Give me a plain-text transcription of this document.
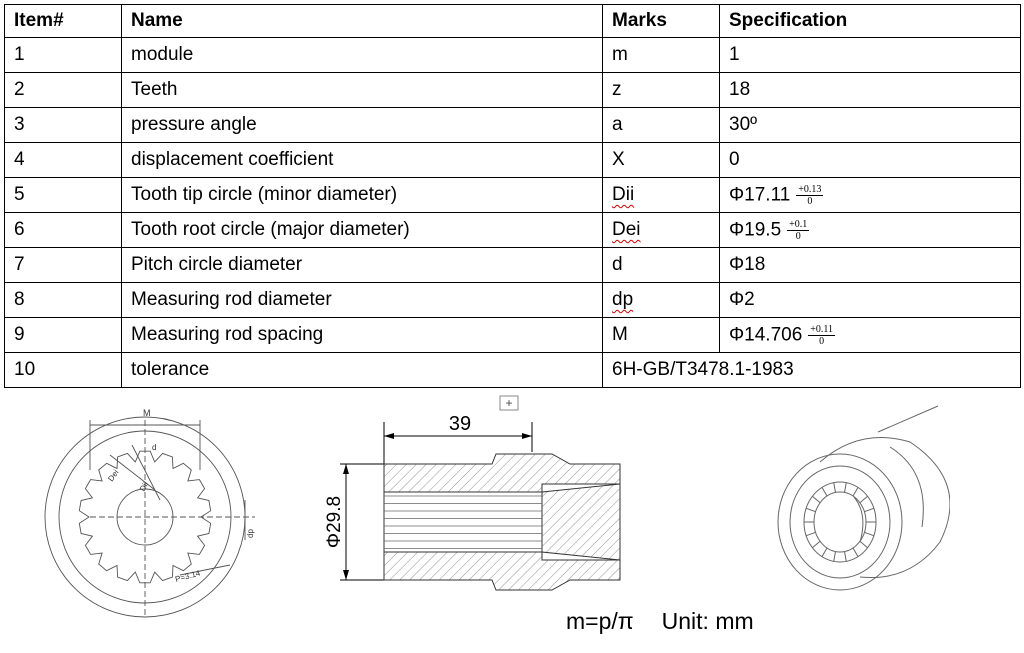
Item#	Name	Marks	Specification
1	module	m	1
2	Teeth	z	18
3	pressure angle	a	30º
4	displacement coefficient	X	0
5	Tooth tip circle (minor diameter)	Dii	$\Phi 17.11 \frac{+0.13}{0}$

6	Tooth root circle (major diameter)	Dei	$\Phi 19.5 \frac{+0.1}{0}$

7	Pitch circle diameter	d	Φ18
8	Measuring rod diameter	dp	Φ2
9	Measuring rod spacing	M	$\Phi 14.706 \frac{+0.11}{0}$

10	tolerance	6H-GB/T3478.1-1983	
M
d
Dei
Dii
dp
P=3.14
+
39
Φ29.8
m=p/π Unit: mm
